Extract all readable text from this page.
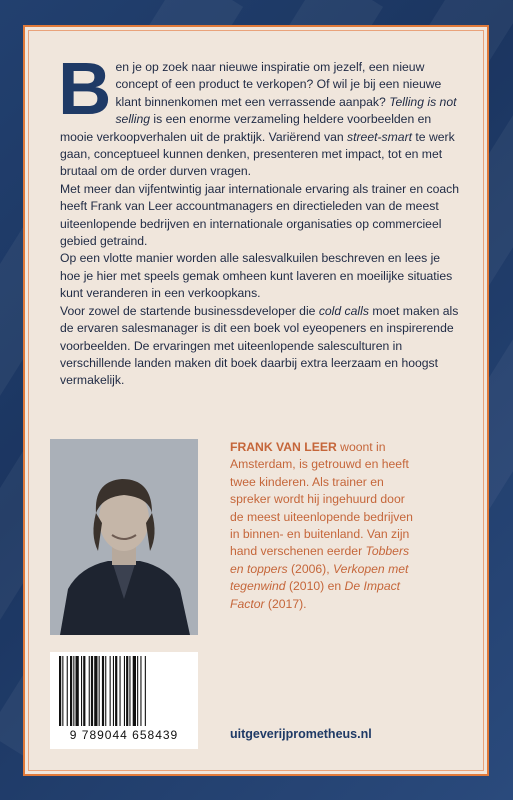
Ben je op zoek naar nieuwe inspiratie om jezelf, een nieuw concept of een product te verkopen? Of wil je bij een nieuwe klant binnenkomen met een verrassende aanpak? Telling is not selling is een enorme verzameling heldere voorbeelden en mooie verkoopverhalen uit de praktijk. Variërend van street-smart te werk gaan, conceptueel kunnen denken, presenteren met impact, tot en met brutaal om de order durven vragen.

Met meer dan vijfentwintig jaar internationale ervaring als trainer en coach heeft Frank van Leer accountmanagers en directieleden van de meest uiteenlopende bedrijven en internationale organisaties op commercieel gebied getraind.

Op een vlotte manier worden alle salesvalkuilen beschreven en lees je hoe je hier met speels gemak omheen kunt laveren en moeilijke situaties kunt veranderen in een verkoopkans.

Voor zowel de startende businessdeveloper die cold calls moet maken als de ervaren salesmanager is dit een boek vol eyeopeners en inspirerende voorbeelden. De ervaringen met uiteenlopende salesculturen in verschillende landen maken dit boek daarbij extra leerzaam en hoogst vermakelijk.

FRANK VAN LEER woont in Amsterdam, is getrouwd en heeft twee kinderen. Als trainer en spreker wordt hij ingehuurd door de meest uiteenlopende bedrijven in binnen- en buitenland. Van zijn hand verschenen eerder Tobbers en toppers (2006), Verkopen met tegenwind (2010) en De Impact Factor (2017).
9 789044 658439	uitgeverijprometheus.nl
